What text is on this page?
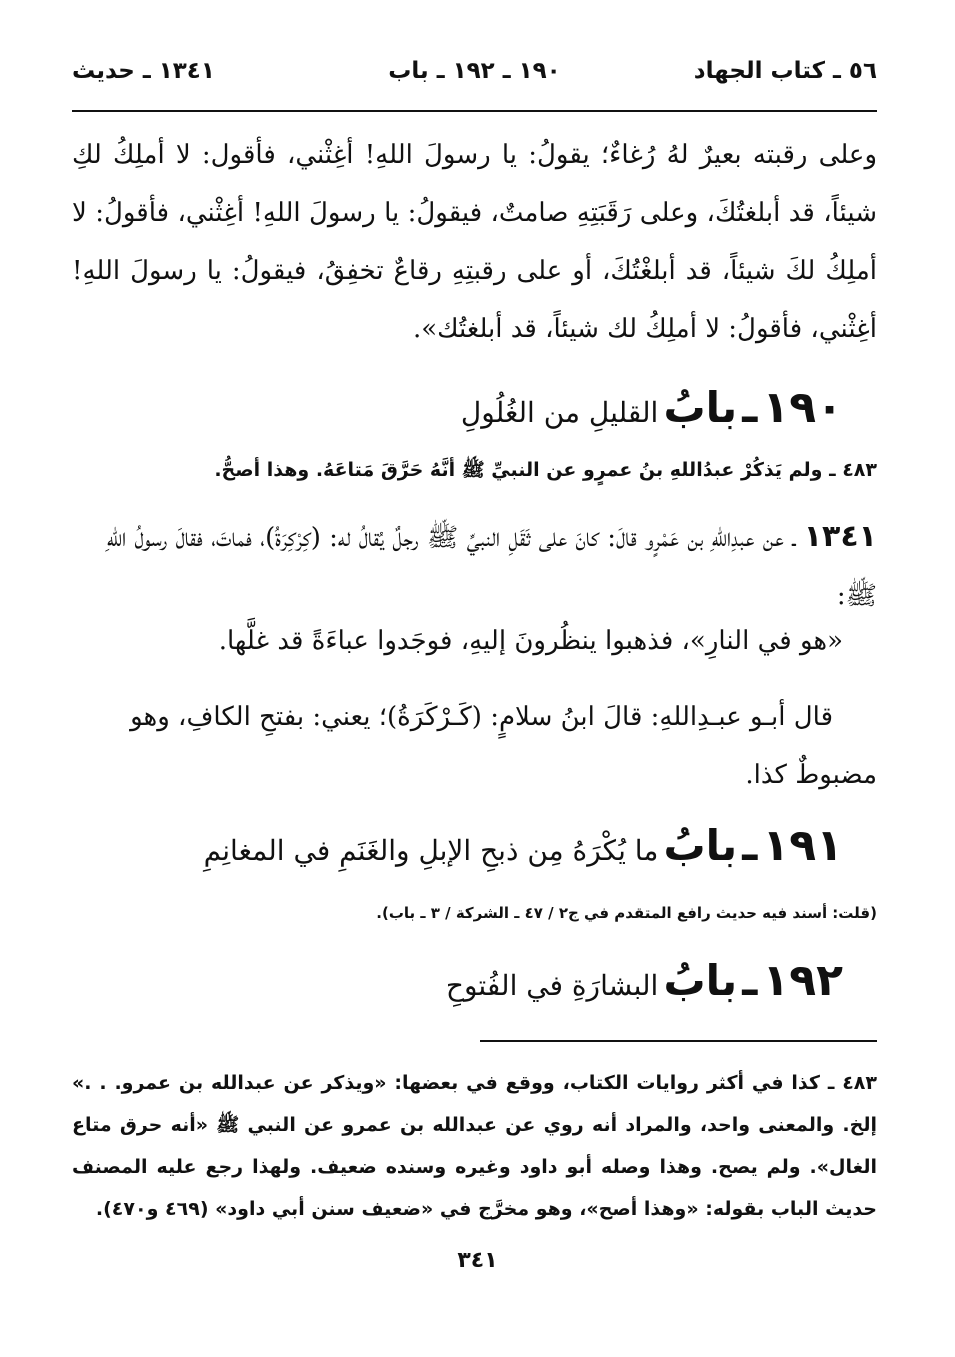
٥٦ ـ كتاب الجهاد
١٩٠ ـ ١٩٢ ـ باب
١٣٤١ ـ حديث
وعلى رقبته بعيرٌ لهُ رُغاءٌ؛ يقولُ: يا رسولَ اللهِ! أغِثْني، فأقول: لا أملِكُ لكِ شيئاً، قد أبلغتُكَ، وعلى رَقَبَتِهِ صامتٌ، فيقولُ: يا رسولَ اللهِ! أغِثْني، فأقولُ: لا أملِكُ لكَ شيئاً، قد أبلغْتُكَ، أو على رقبتِهِ رقاعٌ تخفِقُ، فيقولُ: يا رسولَ اللهِ! أغِثْني، فأقولُ: لا أملِكُ لك شيئاً، قد أبلغتُك».
١٩٠ ـ بابُ القليلِ من الغُلُولِ
٤٨٣ ـ ولم يَذكُرْ عبدُاللهِ بنُ عمرٍو عن النبيِّ ﷺ أنَّهُ حَرَّقَ مَتاعَهُ. وهذا أصحُّ.
١٣٤١ ـ عن عبدِاللهِ بن عَمْرٍو قالَ: كانَ على ثَقَلِ النبيِّ ﷺ رجلٌ يُقالُ له: (كِرْكِرَةُ)، فماتَ، فقالَ رسولُ اللهِ ﷺ:
«هو في النارِ»، فذهبوا ينظُرونَ إليهِ، فوجَدوا عباءَةً قد غلَّها.
قال أبـو عبـدِاللهِ: قالَ ابنُ سلامٍ: (كَـرْكَرَةُ)؛ يعني: بفتحِ الكافِ، وهو مضبوطٌ كذا.
١٩١ ـ بابُ ما يُكْرَهُ مِن ذبحِ الإبلِ والغَنَمِ في المغانِمِ
(قلت: أسند فيه حديث رافع المتقدم في ج٢ / ٤٧ ـ الشركة / ٣ ـ باب).
١٩٢ ـ بابُ البشارَةِ في الفُتوحِ
٤٨٣ ـ كذا في أكثر روايات الكتاب، ووقع في بعضها: «ويذكر عن عبدالله بن عمرو. . .» إلخ. والمعنى واحد، والمراد أنه روي عن عبدالله بن عمرو عن النبي ﷺ «أنه حرق متاع الغال». ولم يصح. وهذا وصله أبو داود وغيره وسنده ضعيف. ولهذا رجع عليه المصنف حديث الباب بقوله: «وهذا أصح»، وهو مخرَّج في «ضعيف سنن أبي داود» (٤٦٩ و٤٧٠).
٣٤١
